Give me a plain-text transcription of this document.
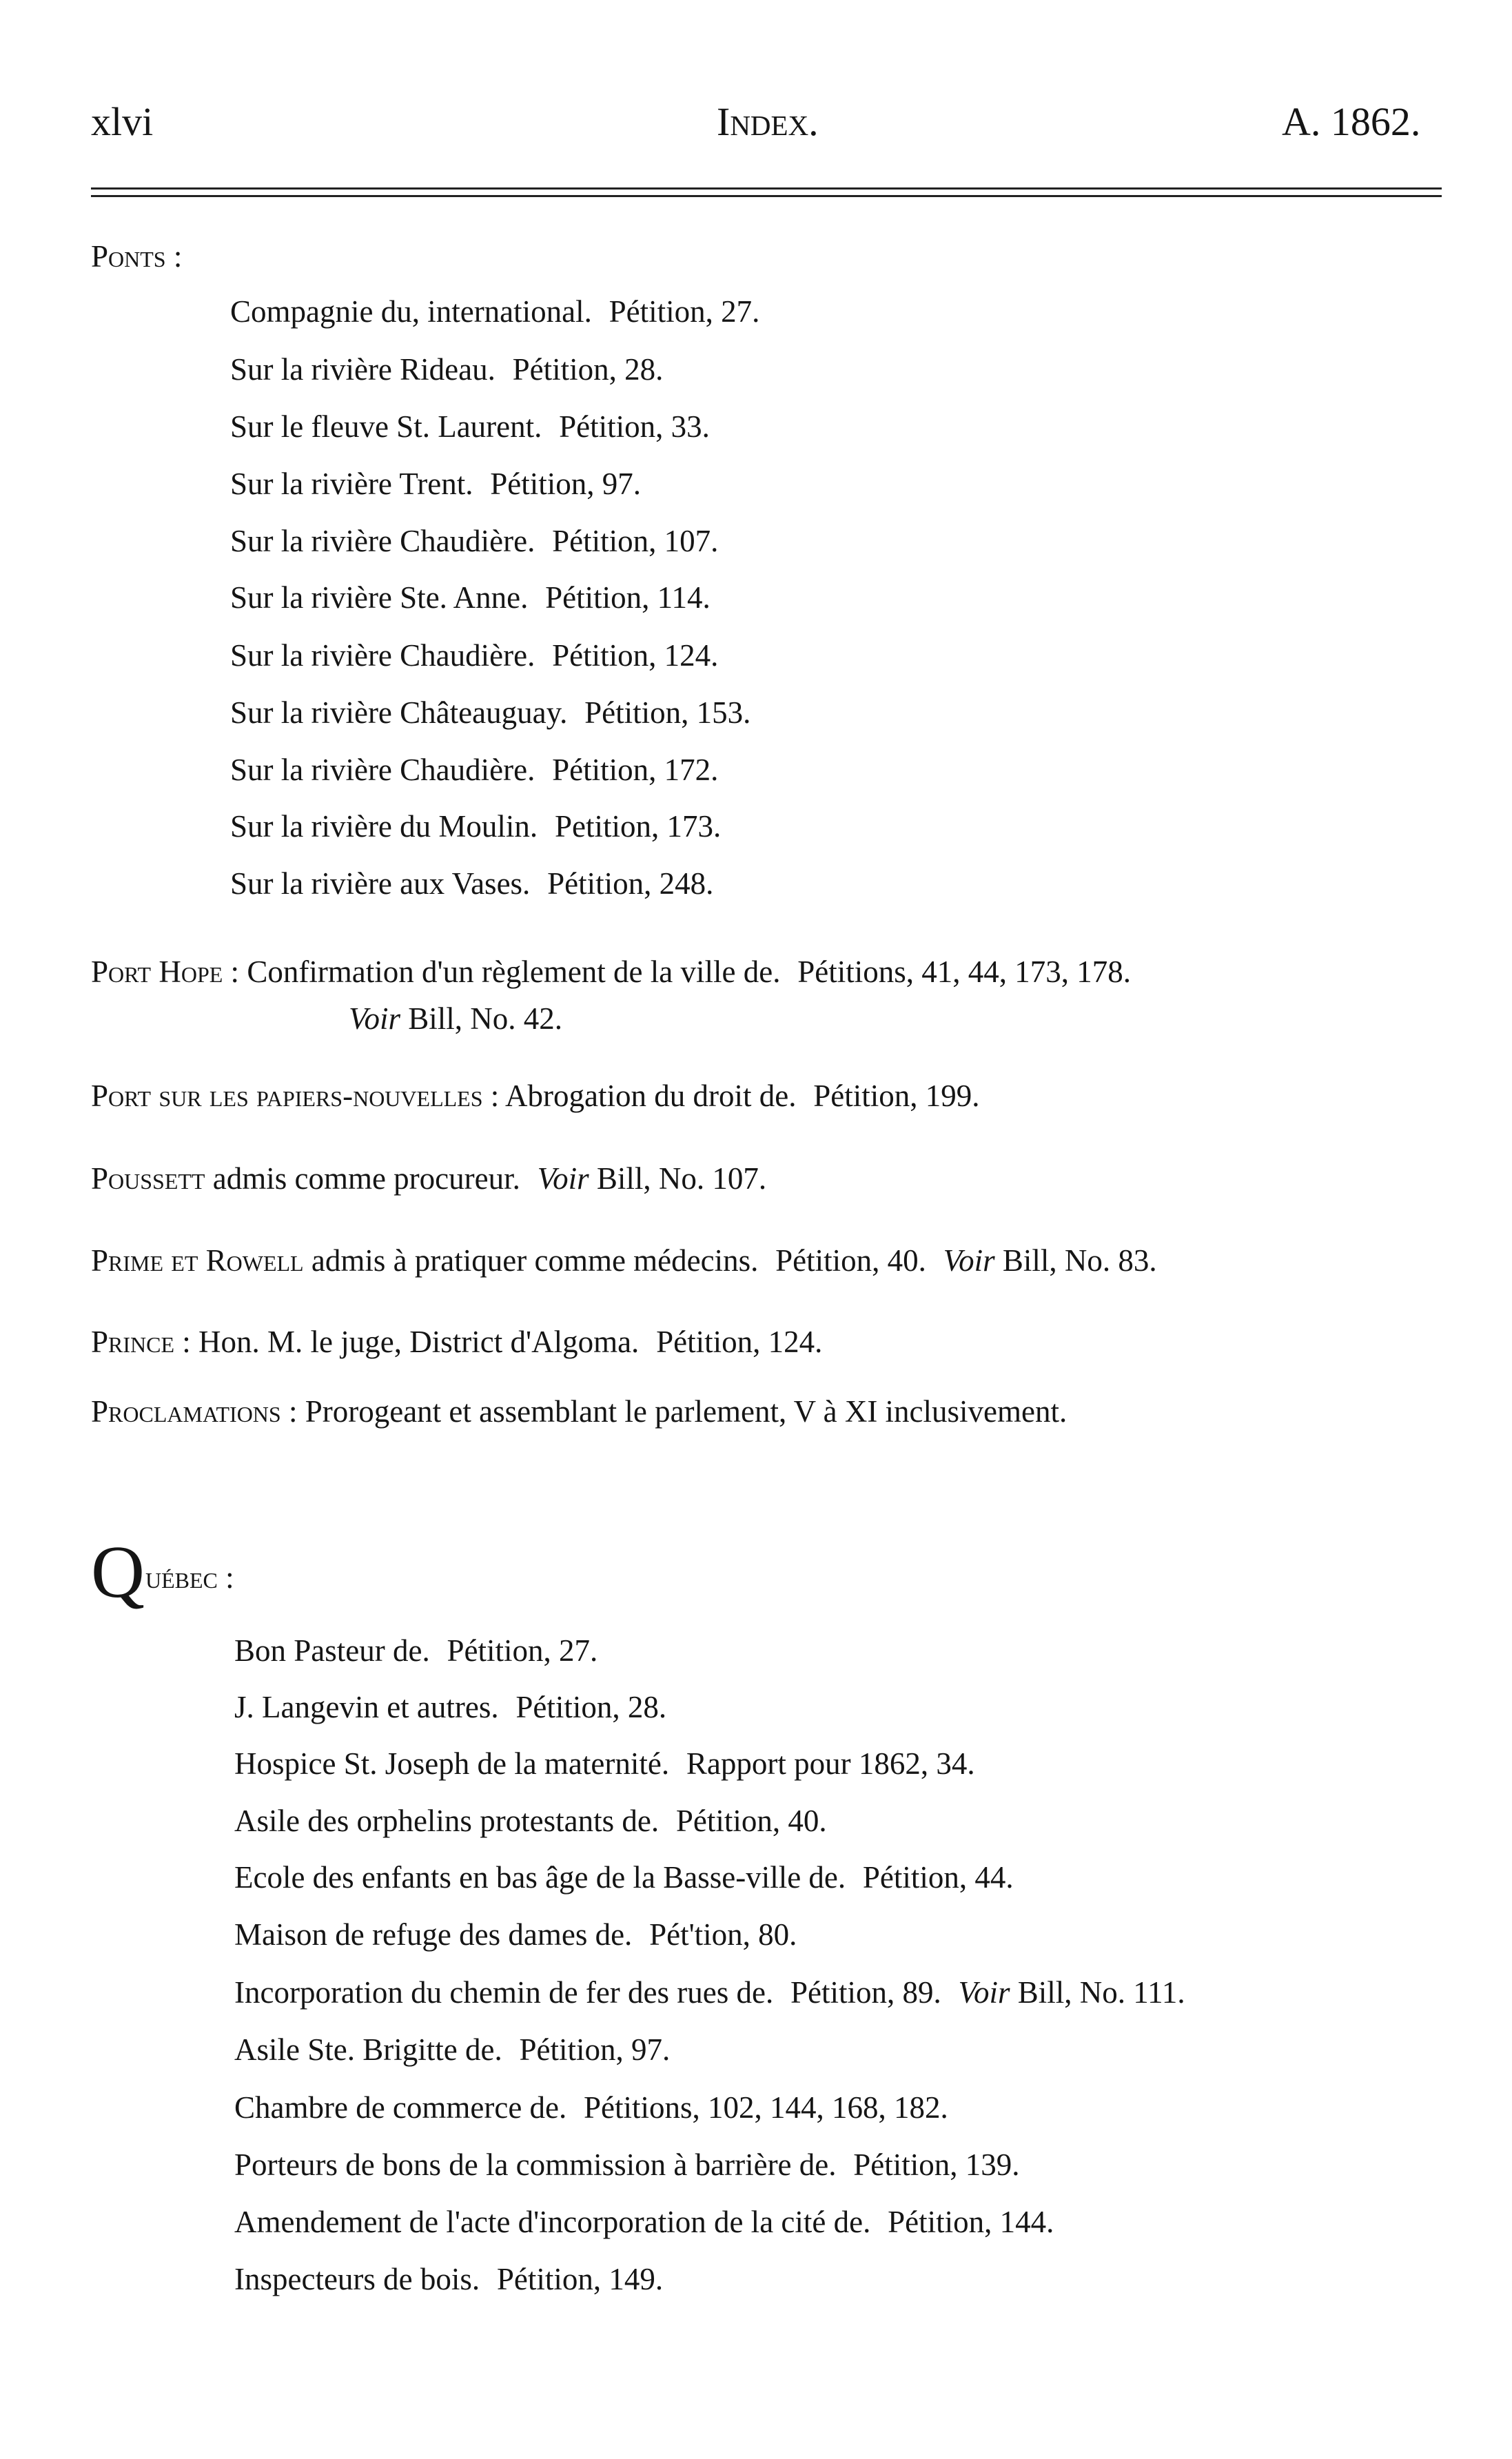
xlvi	Index.	A. 1862.
Ponts :
Compagnie du, international. Pétition, 27.
Sur la rivière Rideau. Pétition, 28.
Sur le fleuve St. Laurent. Pétition, 33.
Sur la rivière Trent. Pétition, 97.
Sur la rivière Chaudière. Pétition, 107.
Sur la rivière Ste. Anne. Pétition, 114.
Sur la rivière Chaudière. Pétition, 124.
Sur la rivière Châteauguay. Pétition, 153.
Sur la rivière Chaudière. Pétition, 172.
Sur la rivière du Moulin. Petition, 173.
Sur la rivière aux Vases. Pétition, 248.
Port Hope : Confirmation d'un règlement de la ville de. Pétitions, 41, 44, 173, 178.
Voir Bill, No. 42.
Port sur les papiers-nouvelles : Abrogation du droit de. Pétition, 199.
Poussett admis comme procureur. Voir Bill, No. 107.
Prime et Rowell admis à pratiquer comme médecins. Pétition, 40. Voir Bill, No. 83.
Prince : Hon. M. le juge, District d'Algoma. Pétition, 124.
Proclamations : Prorogeant et assemblant le parlement, V à XI inclusivement.
Québec :
Bon Pasteur de. Pétition, 27.
J. Langevin et autres. Pétition, 28.
Hospice St. Joseph de la maternité. Rapport pour 1862, 34.
Asile des orphelins protestants de. Pétition, 40.
Ecole des enfants en bas âge de la Basse-ville de. Pétition, 44.
Maison de refuge des dames de. Pét'tion, 80.
Incorporation du chemin de fer des rues de. Pétition, 89. Voir Bill, No. 111.
Asile Ste. Brigitte de. Pétition, 97.
Chambre de commerce de. Pétitions, 102, 144, 168, 182.
Porteurs de bons de la commission à barrière de. Pétition, 139.
Amendement de l'acte d'incorporation de la cité de. Pétition, 144.
Inspecteurs de bois. Pétition, 149.
